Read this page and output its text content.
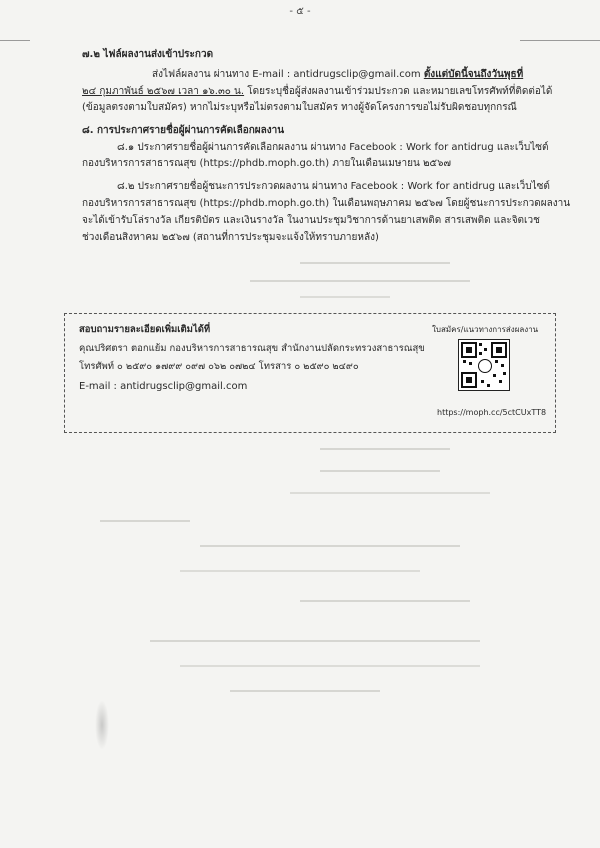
- ๕ -
๗.๒ ไฟล์ผลงานส่งเข้าประกวด
ส่งไฟล์ผลงาน ผ่านทาง E-mail : antidrugsclip@gmail.com ตั้งแต่บัดนี้จนถึงวันพุธที่
๒๔ กุมภาพันธ์ ๒๕๖๗ เวลา ๑๖.๓๐ น. โดยระบุชื่อผู้ส่งผลงานเข้าร่วมประกวด และหมายเลขโทรศัพท์ที่ติดต่อได้
(ข้อมูลตรงตามใบสมัคร) หากไม่ระบุหรือไม่ตรงตามใบสมัคร ทางผู้จัดโครงการขอไม่รับผิดชอบทุกกรณี
๘. การประกาศรายชื่อผู้ผ่านการคัดเลือกผลงาน
๘.๑ ประกาศรายชื่อผู้ผ่านการคัดเลือกผลงาน ผ่านทาง Facebook : Work for antidrug และเว็บไซต์
กองบริหารการสาธารณสุข (https://phdb.moph.go.th) ภายในเดือนเมษายน ๒๕๖๗
๘.๒ ประกาศรายชื่อผู้ชนะการประกวดผลงาน ผ่านทาง Facebook : Work for antidrug และเว็บไซต์
กองบริหารการสาธารณสุข (https://phdb.moph.go.th) ในเดือนพฤษภาคม ๒๕๖๗ โดยผู้ชนะการประกวดผลงาน
จะได้เข้ารับโล่รางวัล เกียรติบัตร และเงินรางวัล ในงานประชุมวิชาการด้านยาเสพติด สารเสพติด และจิตเวช
ช่วงเดือนสิงหาคม ๒๕๖๗ (สถานที่การประชุมจะแจ้งให้ทราบภายหลัง)
สอบถามรายละเอียดเพิ่มเติมได้ที่
คุณปริศตรา ตอกแย้ม กองบริหารการสาธารณสุข สำนักงานปลัดกระทรวงสาธารณสุข
โทรศัพท์ ๐ ๒๕๙๐ ๑๗๙๙ ๐๙๗ ๐๖๒ ๐๗๒๔ โทรสาร ๐ ๒๕๙๐ ๒๔๙๐
E-mail : antidrugsclip@gmail.com
ใบสมัคร/แนวทางการส่งผลงาน
https://moph.cc/5ctCUxTT8
